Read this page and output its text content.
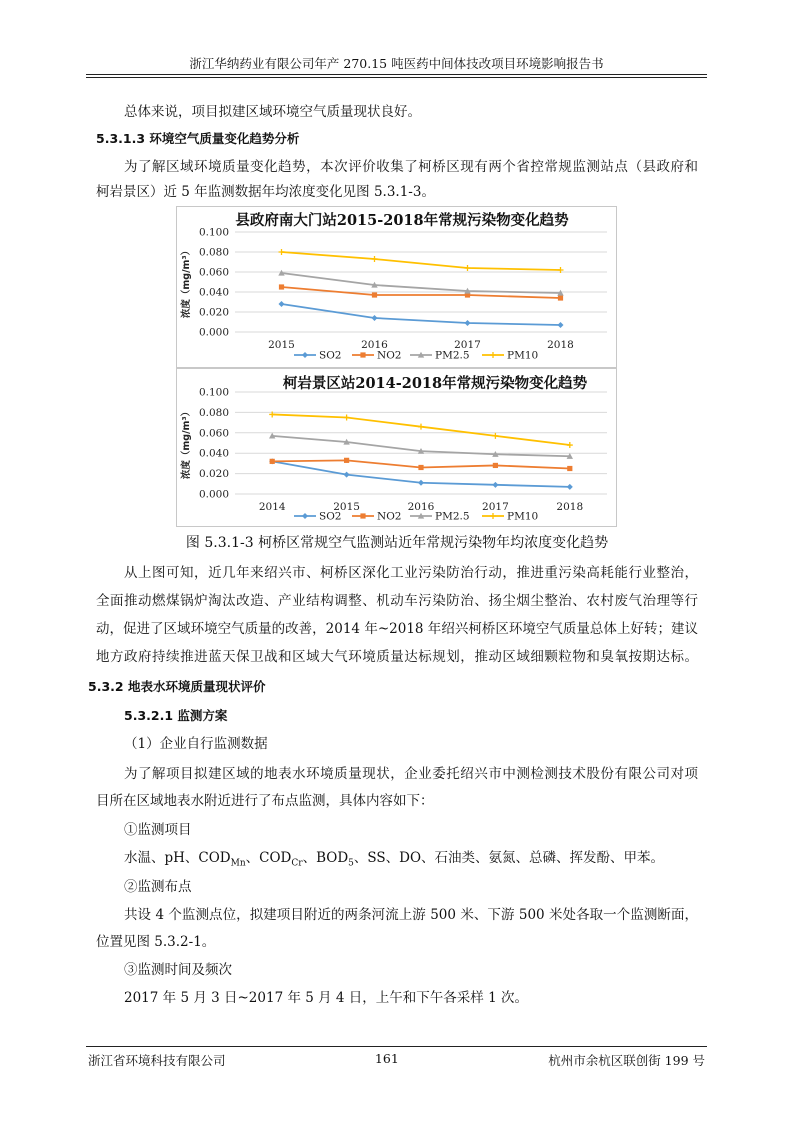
浙江华纳药业有限公司年产 270.15 吨医药中间体技改项目环境影响报告书
总体来说，项目拟建区域环境空气质量现状良好。
5.3.1.3 环境空气质量变化趋势分析
为了解区域环境质量变化趋势，本次评价收集了柯桥区现有两个省控常规监测站点（县政府和
柯岩景区）近 5 年监测数据年均浓度变化见图 5.3.1-3。
图 5.3.1-3 柯桥区常规空气监测站近年常规污染物年均浓度变化趋势
从上图可知，近几年来绍兴市、柯桥区深化工业污染防治行动，推进重污染高耗能行业整治，
全面推动燃煤锅炉淘汰改造、产业结构调整、机动车污染防治、扬尘烟尘整治、农村废气治理等行
动，促进了区域环境空气质量的改善，2014 年~2018 年绍兴柯桥区环境空气质量总体上好转；建议
地方政府持续推进蓝天保卫战和区域大气环境质量达标规划，推动区域细颗粒物和臭氧按期达标。
5.3.2 地表水环境质量现状评价
5.3.2.1 监测方案
（1）企业自行监测数据
为了解项目拟建区域的地表水环境质量现状，企业委托绍兴市中测检测技术股份有限公司对项
目所在区域地表水附近进行了布点监测，具体内容如下：
①监测项目
水温、pH、$COD_{Mn}$、$COD_{Cr}$、$BOD_5$、SS、DO、石油类、氨氮、总磷、挥发酚、甲苯。
②监测布点
共设 4 个监测点位，拟建项目附近的两条河流上游 500 米、下游 500 米处各取一个监测断面，
位置见图 5.3.2-1。
③监测时间及频次
2017 年 5 月 3 日~2017 年 5 月 4 日，上午和下午各采样 1 次。
县政府南大门站2015-2018年常规污染物变化趋势
0.000
0.020
0.040
0.060
0.080
0.100
浓度（mg/m³）
2015	2016	2017	2018
SO2	NO2	PM2.5	PM10
柯岩景区站2014-2018年常规污染物变化趋势
0.000
0.020
0.040
0.060
0.080
0.100
浓度（mg/m³）
2014	2015	2016	2017	2018
SO2	NO2	PM2.5	PM10
浙江省环境科技有限公司	161	杭州市余杭区联创街 199 号
